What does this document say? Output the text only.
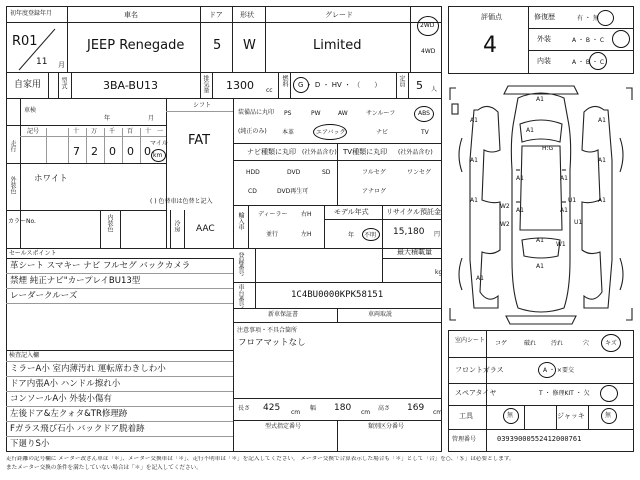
初年度登録年月
R01
11 月
車名
JEEP Renegade
ドア
5
形状
W
グレード
Limited
2WD
4WD
自家用	型式	3BA-BU13	排気量 1300 cc
燃料 G ・ D ・ HV ・ （　　）	定員 5 人
車検
年	月
シフト
FAT
走行
記号	十 万 千 百 十 一
7 2 0 0 0
マイル
km
外装色 ホワイト
( ) 色替車は色替と記入
カラーNo.	内装色	冷房 AAC
装備品に丸印
(純正のみ)
PS	PW	AW	サンルーフ	ABS
本革	エアバック	ナビ	TV
ナビ種類に丸印 (社外品含む) TV種類に丸印 (社外品含む)
HDD	DVD	SD
CD	DVD再生可
フルセグ	ワンセグ
アナログ
輸入車 ディーラー
並行
右H
左H
モデル年式
年 不明
リサイクル預託金
15,180 円
セールスポイント
革シート スマキー ナビ フルセグ バックカメラ
禁煙 純正ナビ"カープレイBU13型
レーダークルーズ
登録番号	最大積載量
kg
車台番号	1C4BU0000KPK58151
新車保証書	車両取説
注意事項・不具合箇所
フロアマットなし
検査記入欄
ミラーA小 室内薄汚れ 運転席わきしわ小
ドア内張A小 ハンドル擦れ小
コンソールA小 外装小傷有
左後ドア&左クォタ&TR修理跡
Fガラス飛び石小 バックドア脱着跡
下廻りS小
長さ 425 cm
幅 180 cm
高さ 169 cm
型式指定番号	類別区分番号
評価点
4
修復歴	有 ・ 無
外装	A ・ B ・ C
内装	A ・ B ・ C
A1
A1	A1
A1
A1	A1
A1	A1
A1	A1
A1	A1
A1
A1
A1
W2
W2
W1
U1
U1
H:G
室内シート コゲ	破れ 汚れ	穴	キズ
フロントガラス	A ・ ×要交
スペアタイヤ	T ・ 修理KIT ・ 欠
工具	無	ジャッキ	無
管理番号	03939000552412000761
走行距離の記号欄に メーター改ざん車は「＊」、メーター交換車は「＊」、走行不明車は「＊」を記入してください。 メーター交換で合算表示した場合も「＊」として「合」を○、「＄」は必要とします。
またメーター交換の条件を満たしていない場合は「＊」を記入してください。
